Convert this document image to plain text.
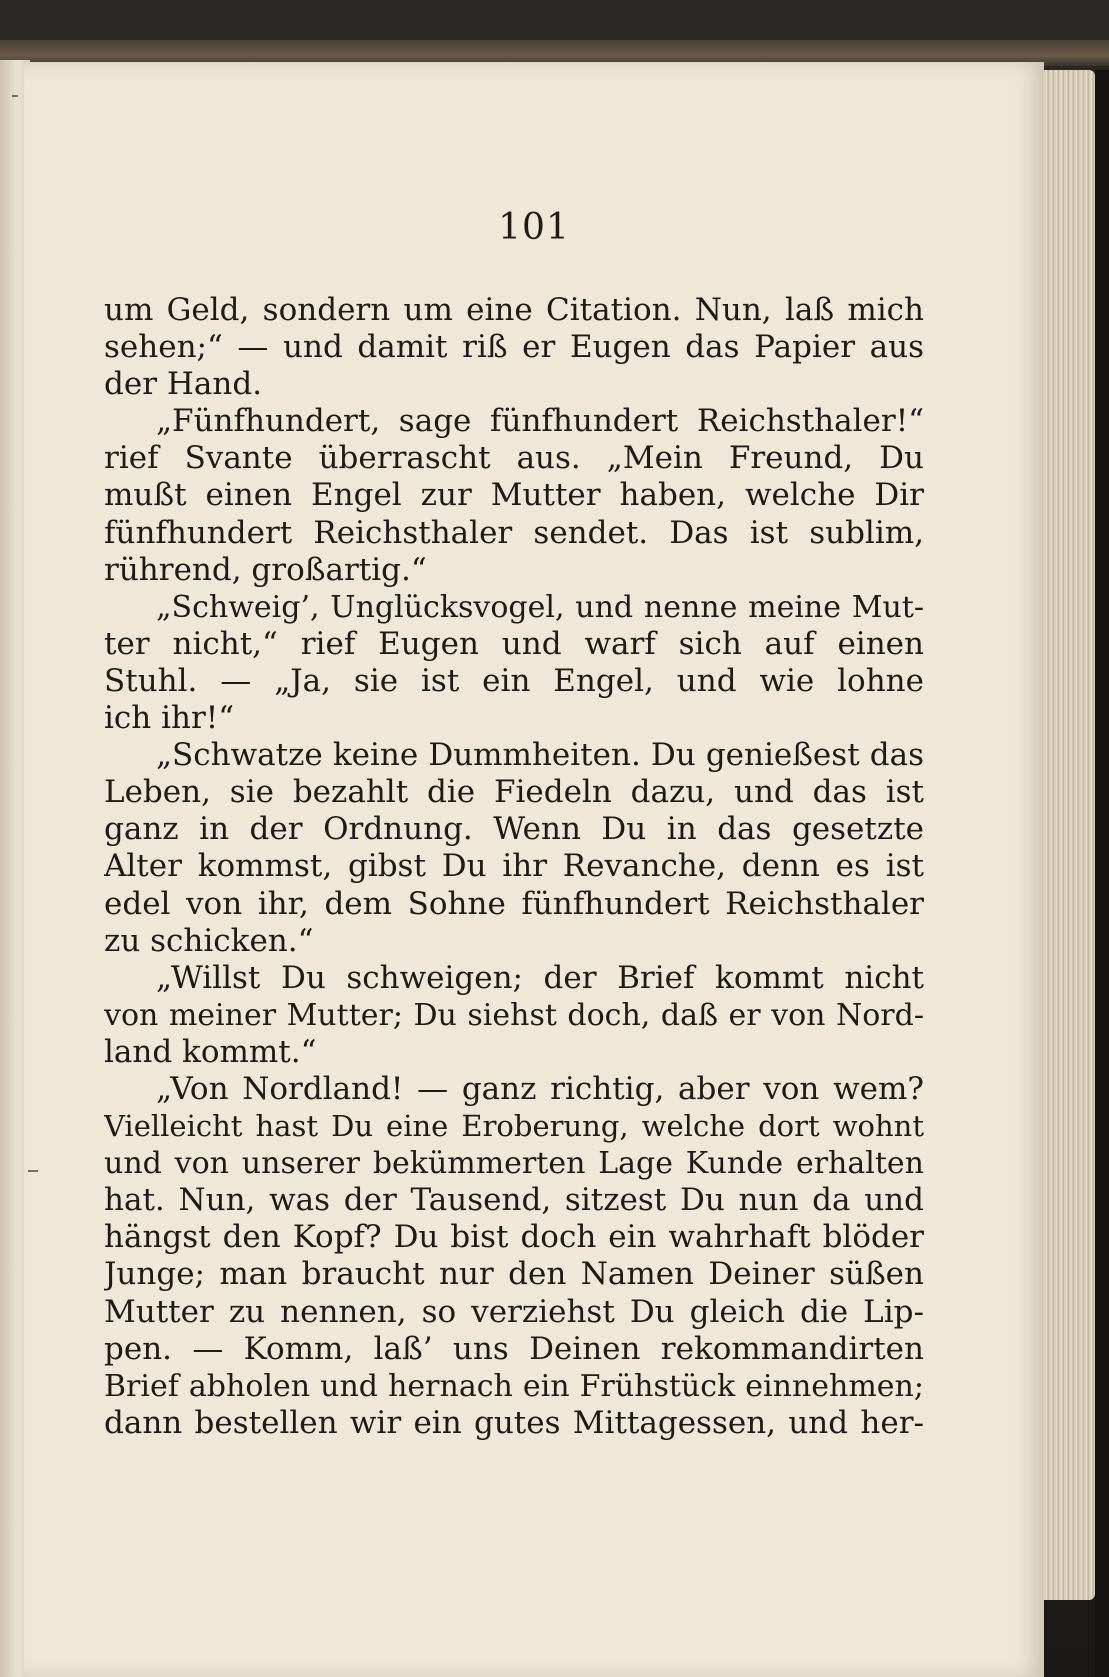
101
um Geld, sondern um eine Citation. Nun, laß mich
sehen;“ — und damit riß er Eugen das Papier aus
der Hand.
„Fünfhundert, sage fünfhundert Reichsthaler!“
rief Svante überrascht aus. „Mein Freund, Du
mußt einen Engel zur Mutter haben, welche Dir
fünfhundert Reichsthaler sendet. Das ist sublim,
rührend, großartig.“
„Schweig’, Unglücksvogel, und nenne meine Mut-
ter nicht,“ rief Eugen und warf sich auf einen
Stuhl. — „Ja, sie ist ein Engel, und wie lohne
ich ihr!“
„Schwatze keine Dummheiten. Du genießest das
Leben, sie bezahlt die Fiedeln dazu, und das ist
ganz in der Ordnung. Wenn Du in das gesetzte
Alter kommst, gibst Du ihr Revanche, denn es ist
edel von ihr, dem Sohne fünfhundert Reichsthaler
zu schicken.“
„Willst Du schweigen; der Brief kommt nicht
von meiner Mutter; Du siehst doch, daß er von Nord-
land kommt.“
„Von Nordland! — ganz richtig, aber von wem?
Vielleicht hast Du eine Eroberung, welche dort wohnt
und von unserer bekümmerten Lage Kunde erhalten
hat. Nun, was der Tausend, sitzest Du nun da und
hängst den Kopf? Du bist doch ein wahrhaft blöder
Junge; man braucht nur den Namen Deiner süßen
Mutter zu nennen, so verziehst Du gleich die Lip-
pen. — Komm, laß’ uns Deinen rekommandirten
Brief abholen und hernach ein Frühstück einnehmen;
dann bestellen wir ein gutes Mittagessen, und her-
